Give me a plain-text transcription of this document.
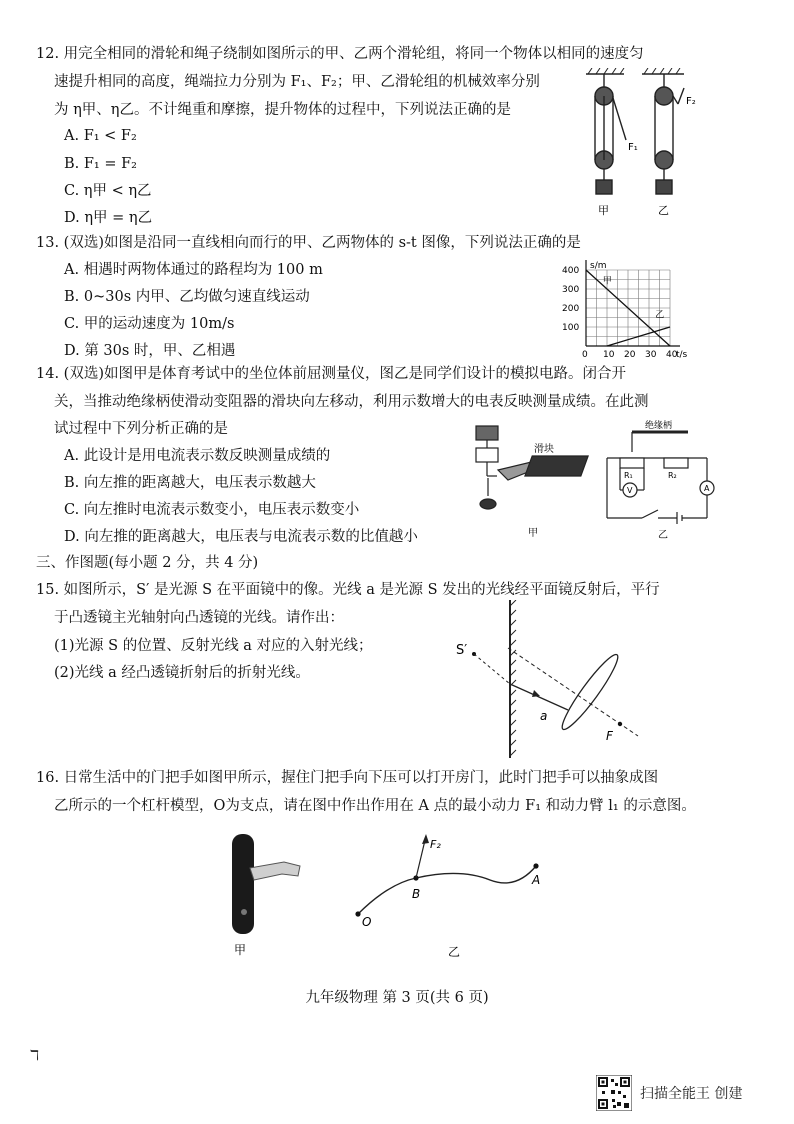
12. 用完全相同的滑轮和绳子绕制如图所示的甲、乙两个滑轮组，将同一个物体以相同的速度匀
速提升相同的高度，绳端拉力分别为 F₁、F₂；甲、乙滑轮组的机械效率分别
为 η甲、η乙。不计绳重和摩擦，提升物体的过程中，下列说法正确的是
A. F₁ < F₂
B. F₁ = F₂
C. η甲 < η乙
D. η甲 = η乙
F₁
F₂
甲	乙
13. (双选)如图是沿同一直线相向而行的甲、乙两物体的 s-t 图像，下列说法正确的是
A. 相遇时两物体通过的路程均为 100 m
B. 0~30s 内甲、乙均做匀速直线运动
C. 甲的运动速度为 10m/s
D. 第 30s 时，甲、乙相遇	0 10 20 30 40
100
200
300
400
t/s
s/m
甲
乙
14. (双选)如图甲是体育考试中的坐位体前屈测量仪，图乙是同学们设计的模拟电路。闭合开
关，当推动绝缘柄使滑动变阻器的滑块向左移动，利用示数增大的电表反映测量成绩。在此测
试过程中下列分析正确的是
A. 此设计是用电流表示数反映测量成绩的
B. 向左推的距离越大，电压表示数越大
C. 向左推时电流表示数变小，电压表示数变小
D. 向左推的距离越大，电压表与电流表示数的比值越小
滑块
甲
绝缘柄
R₁	R₂
V	A
乙
三、作图题(每小题 2 分，共 4 分)
15. 如图所示，S′ 是光源 S 在平面镜中的像。光线 a 是光源 S 发出的光线经平面镜反射后，平行
于凸透镜主光轴射向凸透镜的光线。请作出：
(1)光源 S 的位置、反射光线 a 对应的入射光线；
(2)光线 a 经凸透镜折射后的折射光线。
S′
a
F
16. 日常生活中的门把手如图甲所示，握住门把手向下压可以打开房门，此时门把手可以抽象成图
乙所示的一个杠杆模型，O为支点，请在图中作出作用在 A 点的最小动力 F₁ 和动力臂 l₁ 的示意图。
甲
F₂
B
A
O
乙
九年级物理 第 3 页(共 6 页)
ℸ
扫描全能王 创建
